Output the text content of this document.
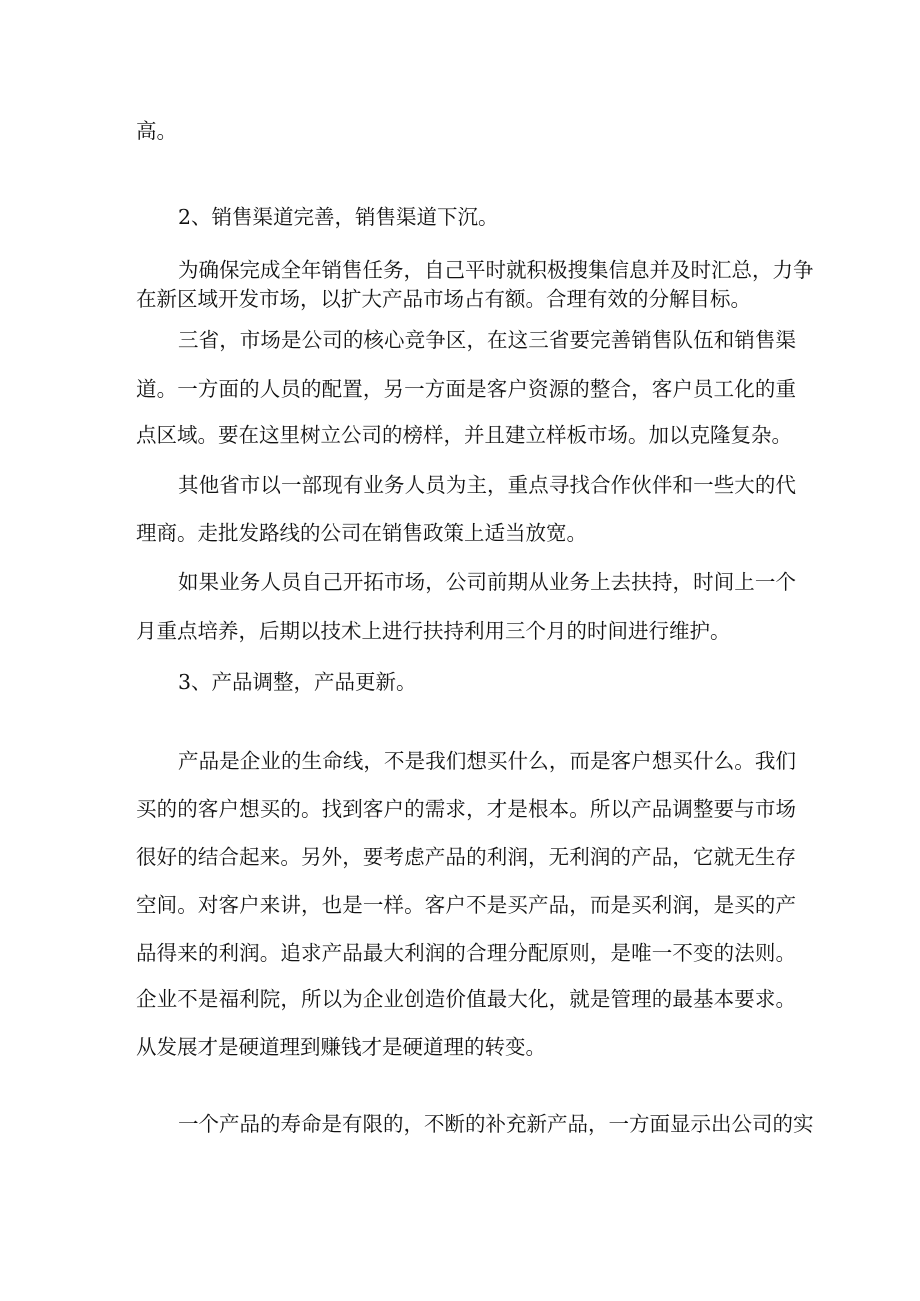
高。
2、销售渠道完善，销售渠道下沉。
为确保完成全年销售任务，自己平时就积极搜集信息并及时汇总，力争
在新区域开发市场，以扩大产品市场占有额。合理有效的分解目标。
三省，市场是公司的核心竞争区，在这三省要完善销售队伍和销售渠
道。一方面的人员的配置，另一方面是客户资源的整合，客户员工化的重
点区域。要在这里树立公司的榜样，并且建立样板市场。加以克隆复杂。
其他省市以一部现有业务人员为主，重点寻找合作伙伴和一些大的代
理商。走批发路线的公司在销售政策上适当放宽。
如果业务人员自己开拓市场，公司前期从业务上去扶持，时间上一个
月重点培养，后期以技术上进行扶持利用三个月的时间进行维护。
3、产品调整，产品更新。
产品是企业的生命线，不是我们想买什么，而是客户想买什么。我们
买的的客户想买的。找到客户的需求，才是根本。所以产品调整要与市场
很好的结合起来。另外，要考虑产品的利润，无利润的产品，它就无生存
空间。对客户来讲，也是一样。客户不是买产品，而是买利润，是买的产
品得来的利润。追求产品最大利润的合理分配原则，是唯一不变的法则。
企业不是福利院，所以为企业创造价值最大化，就是管理的最基本要求。
从发展才是硬道理到赚钱才是硬道理的转变。
一个产品的寿命是有限的，不断的补充新产品，一方面显示出公司的实
